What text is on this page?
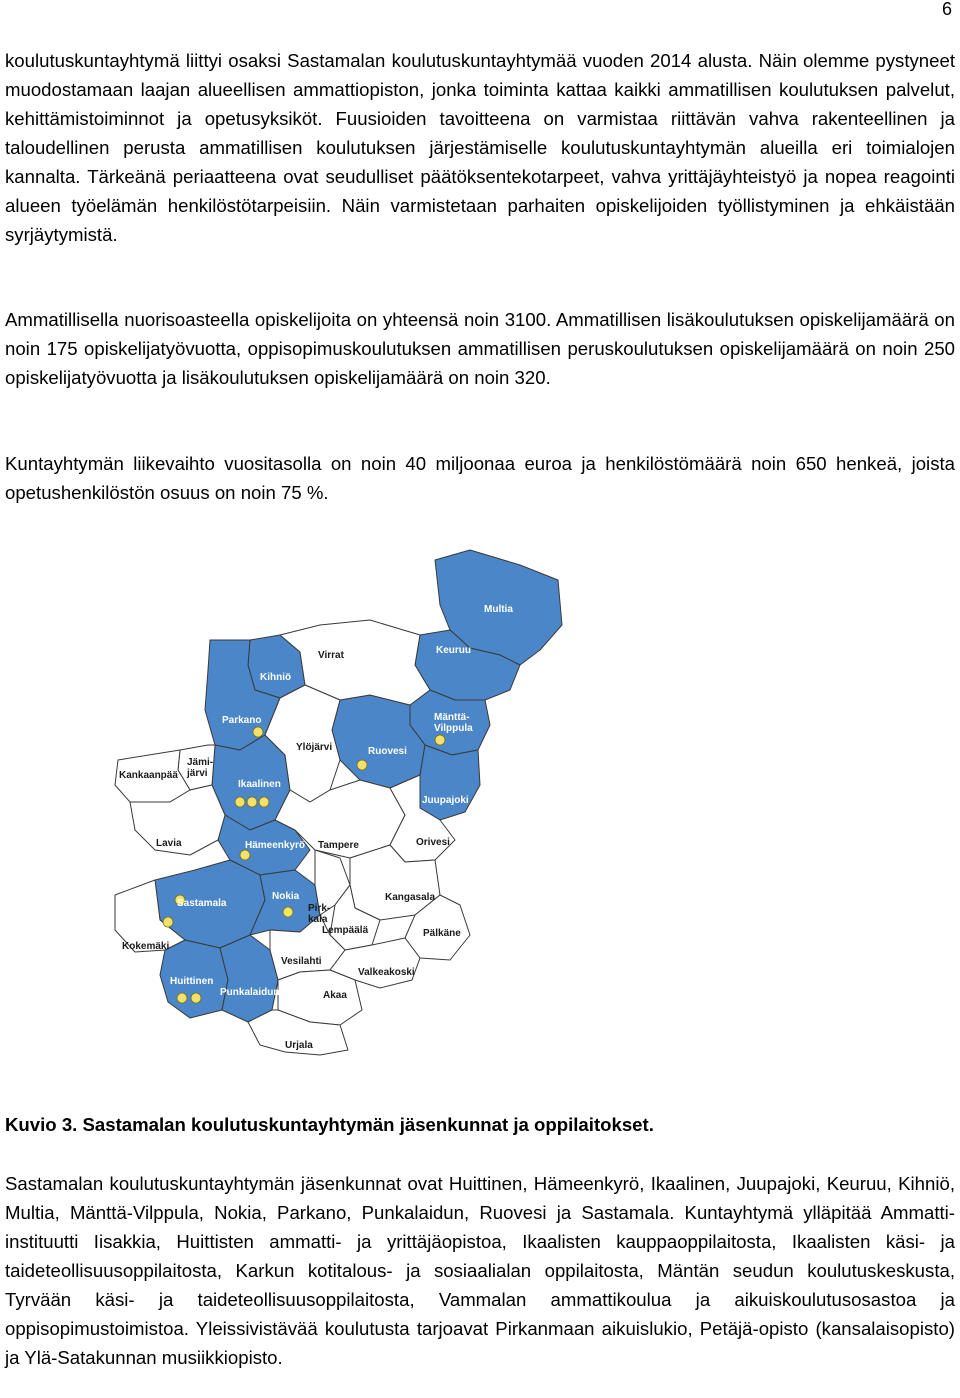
6

koulutuskuntayhtymä liittyi osaksi Sastamalan koulutuskuntayhtymää vuoden 2014 alusta. Näin olemme pystyneet muodostamaan laajan alueellisen ammattiopiston, jonka toiminta kattaa kaikki ammatillisen koulutuksen palvelut, kehittämistoiminnot ja opetusyksiköt. Fuusioiden tavoitteena on varmistaa riittävän vahva rakenteellinen ja taloudellinen perusta ammatillisen koulutuksen järjestämiselle koulutuskuntayhtymän alueilla eri toimialojen kannalta. Tärkeänä periaatteena ovat seudulliset päätöksentekotarpeet, vahva yrittäjäyhteistyö ja nopea reagointi alueen työelämän henkilöstötarpeisiin. Näin varmistetaan parhaiten opiskelijoiden työllistyminen ja ehkäistään syrjäytymistä.

Ammatillisella nuorisoasteella opiskelijoita on yhteensä noin 3100. Ammatillisen lisäkoulutuksen opiskelijamäärä on noin 175 opiskelijatyövuotta, oppisopimuskoulutuksen ammatillisen peruskoulutuksen opiskelijamäärä on noin 250 opiskelijatyövuotta ja lisäkoulutuksen opiskelijamäärä on noin 320.

Kuntayhtymän liikevaihto vuositasolla on noin 40 miljoonaa euroa ja henkilöstömäärä noin 650 henkeä, joista opetushenkilöstön osuus on noin 75 %.

Multia
Virrat	Keuruu
Kihniö
Parkano	Mänttä-
Vilppula
Ylöjärvi	Ruovesi
Jämi-
järvi
Kankaanpää
Ikaalinen
Juupajoki
Lavia	Hämeenkyrö Tampere	Orivesi
Nokia
Sastamala
Kangasala
Pirk-
kala
Lempäälä
Kokemäki
Pälkäne
Vesilahti
Valkeakoski
Huittinen
Punkalaidun	Akaa
Urjala
Kuvio 3. Sastamalan koulutuskuntayhtymän jäsenkunnat ja oppilaitokset.

Sastamalan koulutuskuntayhtymän jäsenkunnat ovat Huittinen, Hämeenkyrö, Ikaalinen, Juupajoki, Keuruu, Kihniö, Multia, Mänttä-Vilppula, Nokia, Parkano, Punkalaidun, Ruovesi ja Sastamala. Kuntayhtymä ylläpitää Ammatti-instituutti Iisakkia, Huittisten ammatti- ja yrittäjäopistoa, Ikaalisten kauppaoppilaitosta, Ikaalisten käsi- ja taideteollisuusoppilaitosta, Karkun kotitalous- ja sosiaalialan oppilaitosta, Mäntän seudun koulutuskeskusta, Tyrvään käsi- ja taideteollisuusoppilaitosta, Vammalan ammattikoulua ja aikuiskoulutusosastoa ja oppisopimustoimistoa. Yleissivistävää koulutusta tarjoavat Pirkanmaan aikuislukio, Petäjä-opisto (kansalaisopisto) ja Ylä-Satakunnan musiikkiopisto.
